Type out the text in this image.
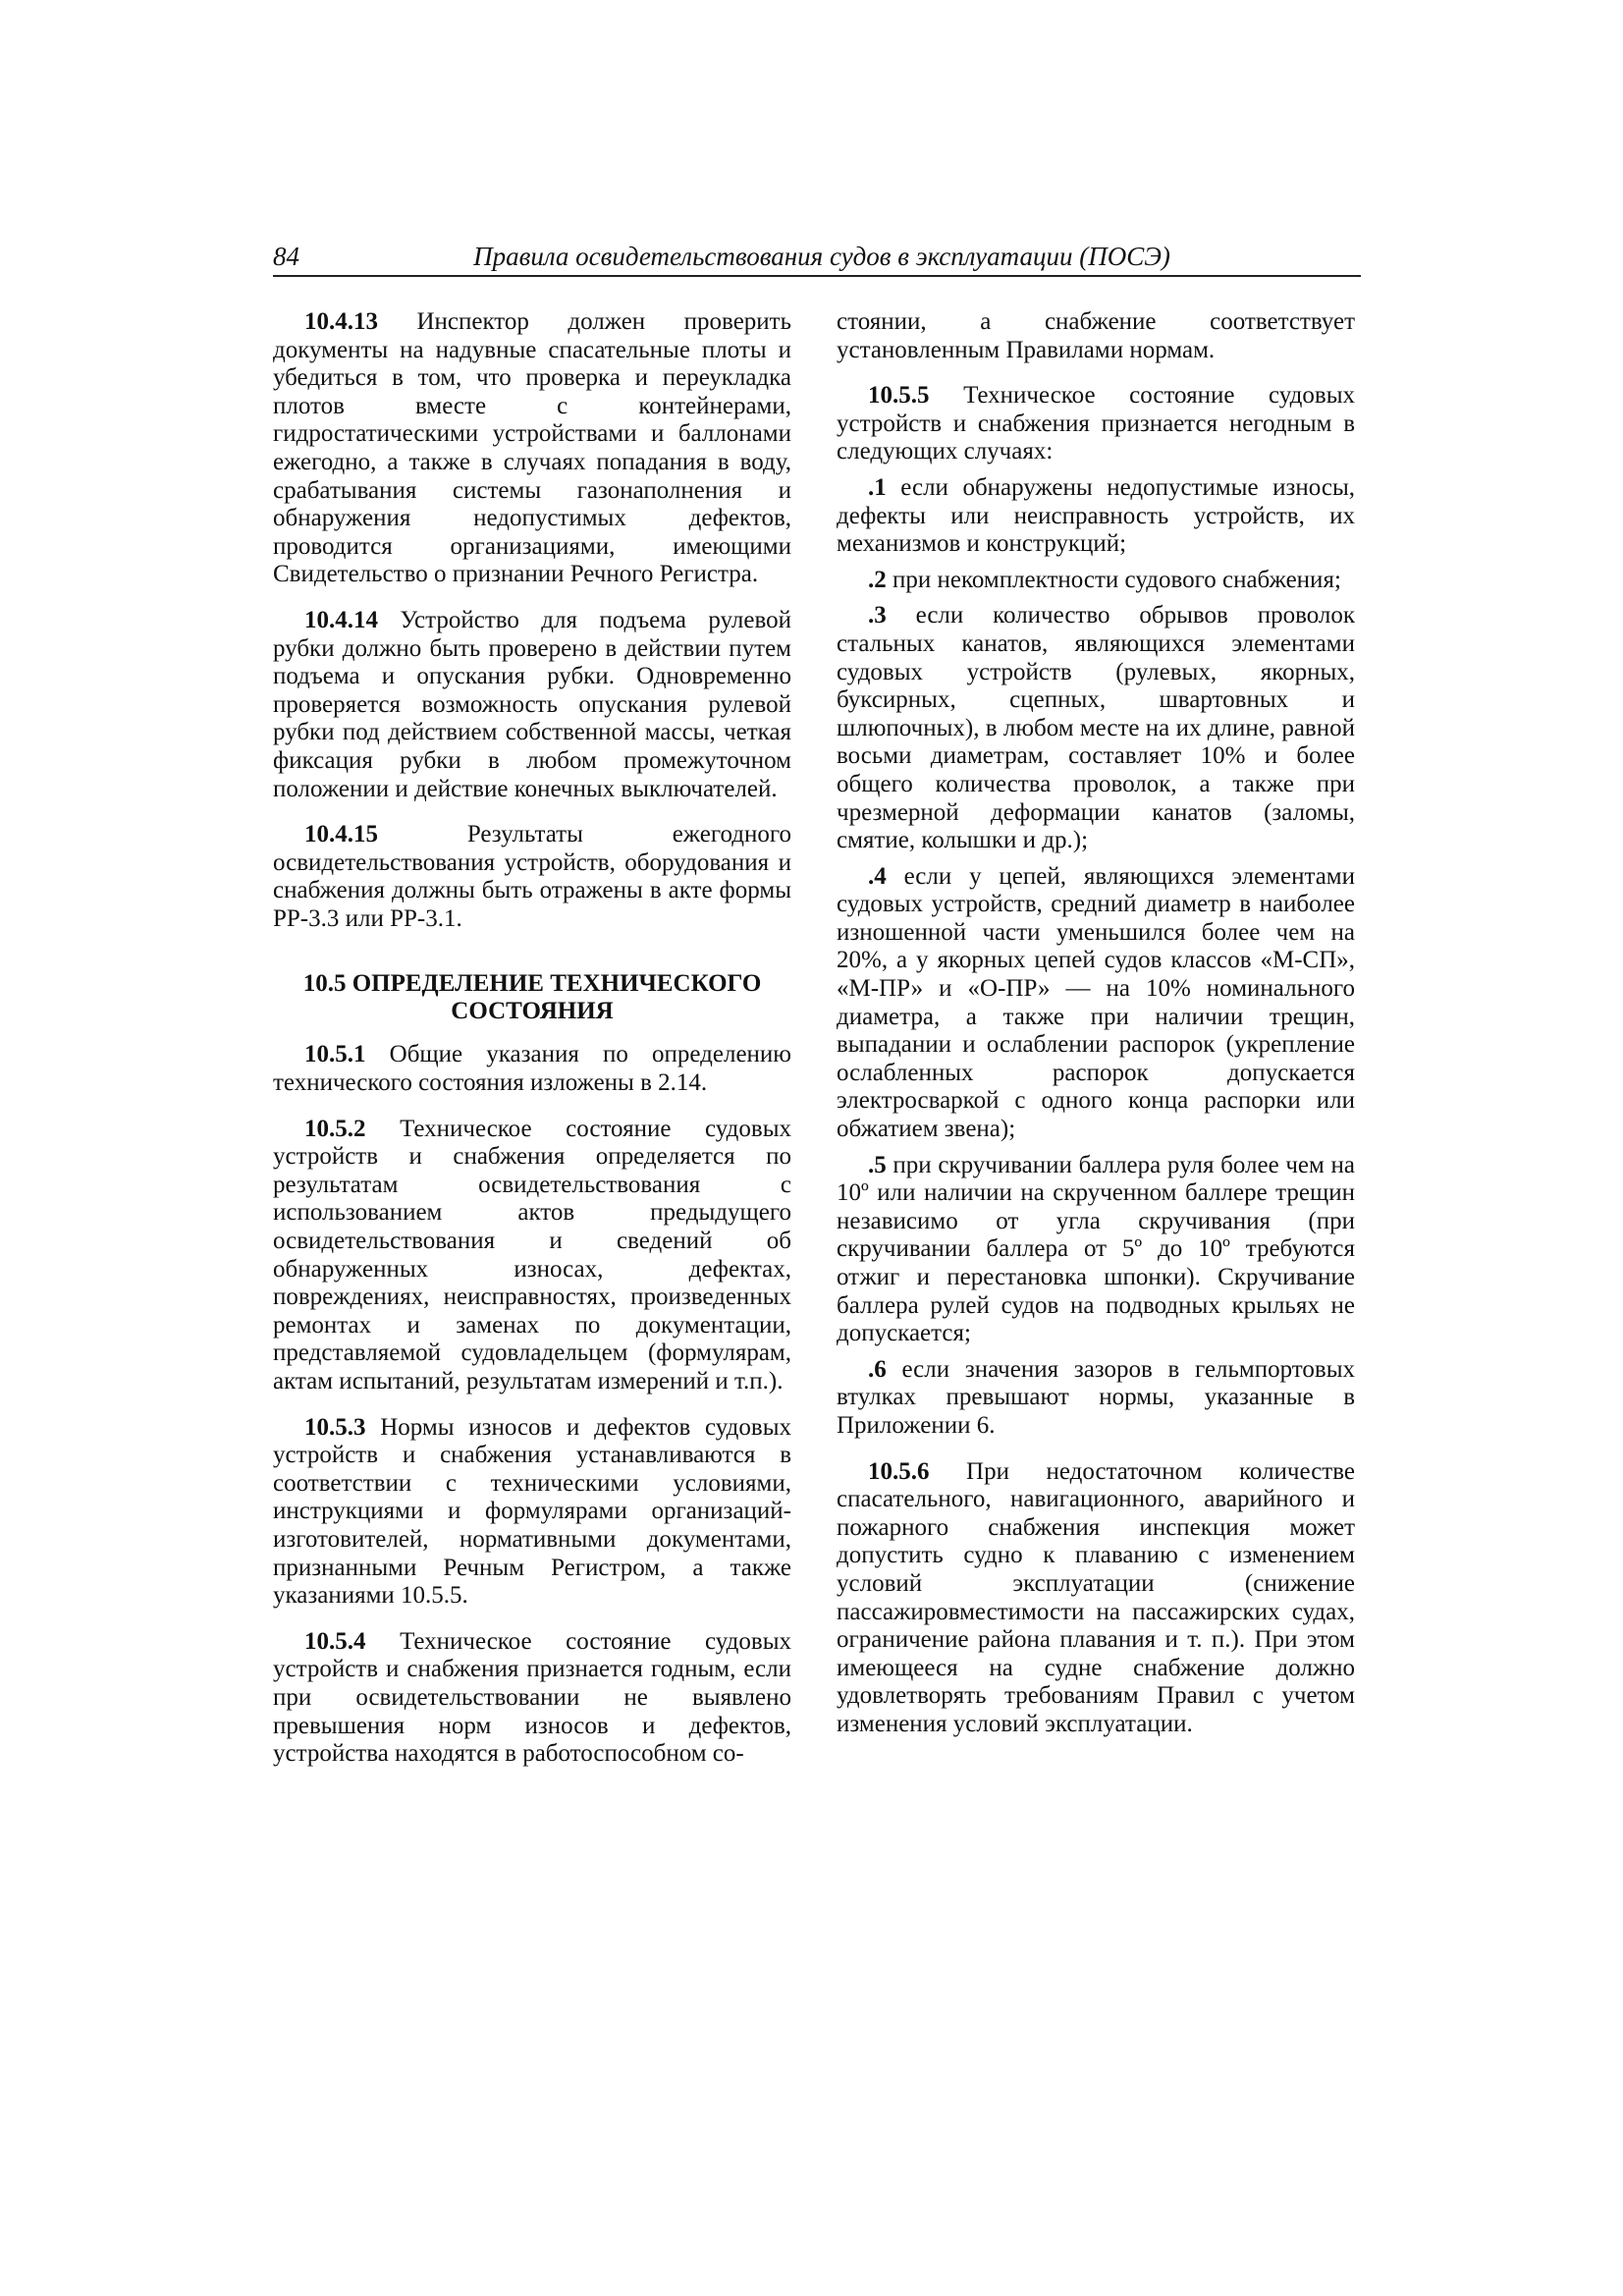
84	Правила освидетельствования судов в эксплуатации (ПОСЭ)

10.4.13 Инспектор должен проверить документы на надувные спасательные плоты и убедиться в том, что проверка и переукладка плотов вместе с контейнерами, гидростатическими устройствами и баллонами ежегодно, а также в случаях попадания в воду, срабатывания системы газонаполнения и обнаружения недопустимых дефектов, проводится организациями, имеющими Свидетельство о признании Речного Регистра.

10.4.14 Устройство для подъема рулевой рубки должно быть проверено в действии путем подъема и опускания рубки. Одновременно проверяется возможность опускания рулевой рубки под действием собственной массы, четкая фиксация рубки в любом промежуточном положении и действие конечных выключателей.

10.4.15 Результаты ежегодного освидетельствования устройств, оборудования и снабжения должны быть отражены в акте формы РР-3.3 или РР-3.1.

10.5 ОПРЕДЕЛЕНИЕ ТЕХНИЧЕСКОГО СОСТОЯНИЯ

10.5.1 Общие указания по определению технического состояния изложены в 2.14.

10.5.2 Техническое состояние судовых устройств и снабжения определяется по результатам освидетельствования с использованием актов предыдущего освидетельствования и сведений об обнаруженных износах, дефектах, повреждениях, неисправностях, произведенных ремонтах и заменах по документации, представляемой судовладельцем (формулярам, актам испытаний, результатам измерений и т.п.).

10.5.3 Нормы износов и дефектов судовых устройств и снабжения устанавливаются в соответствии с техническими условиями, инструкциями и формулярами организаций-изготовителей, нормативными документами, признанными Речным Регистром, а также указаниями 10.5.5.

10.5.4 Техническое состояние судовых устройств и снабжения признается годным, если при освидетельствовании не выявлено превышения норм износов и дефектов, устройства находятся в работоспособном со-

стоянии, а снабжение соответствует установленным Правилами нормам.

10.5.5 Техническое состояние судовых устройств и снабжения признается негодным в следующих случаях:

.1 если обнаружены недопустимые износы, дефекты или неисправность устройств, их механизмов и конструкций;

.2 при некомплектности судового снабжения;

.3 если количество обрывов проволок стальных канатов, являющихся элементами судовых устройств (рулевых, якорных, буксирных, сцепных, швартовных и шлюпочных), в любом месте на их длине, равной восьми диаметрам, составляет 10% и более общего количества проволок, а также при чрезмерной деформации канатов (заломы, смятие, колышки и др.);

.4 если у цепей, являющихся элементами судовых устройств, средний диаметр в наиболее изношенной части уменьшился более чем на 20%, а у якорных цепей судов классов «М-СП», «М-ПР» и «О-ПР» — на 10% номинального диаметра, а также при наличии трещин, выпадании и ослаблении распорок (укрепление ослабленных распорок допускается электросваркой с одного конца распорки или обжатием звена);

.5 при скручивании баллера руля более чем на 10º или наличии на скрученном баллере трещин независимо от угла скручивания (при скручивании баллера от 5º до 10º требуются отжиг и перестановка шпонки). Скручивание баллера рулей судов на подводных крыльях не допускается;

.6 если значения зазоров в гельмпортовых втулках превышают нормы, указанные в Приложении 6.

10.5.6 При недостаточном количестве спасательного, навигационного, аварийного и пожарного снабжения инспекция может допустить судно к плаванию с изменением условий эксплуатации (снижение пассажировместимости на пассажирских судах, ограничение района плавания и т. п.). При этом имеющееся на судне снабжение должно удовлетворять требованиям Правил с учетом изменения условий эксплуатации.
